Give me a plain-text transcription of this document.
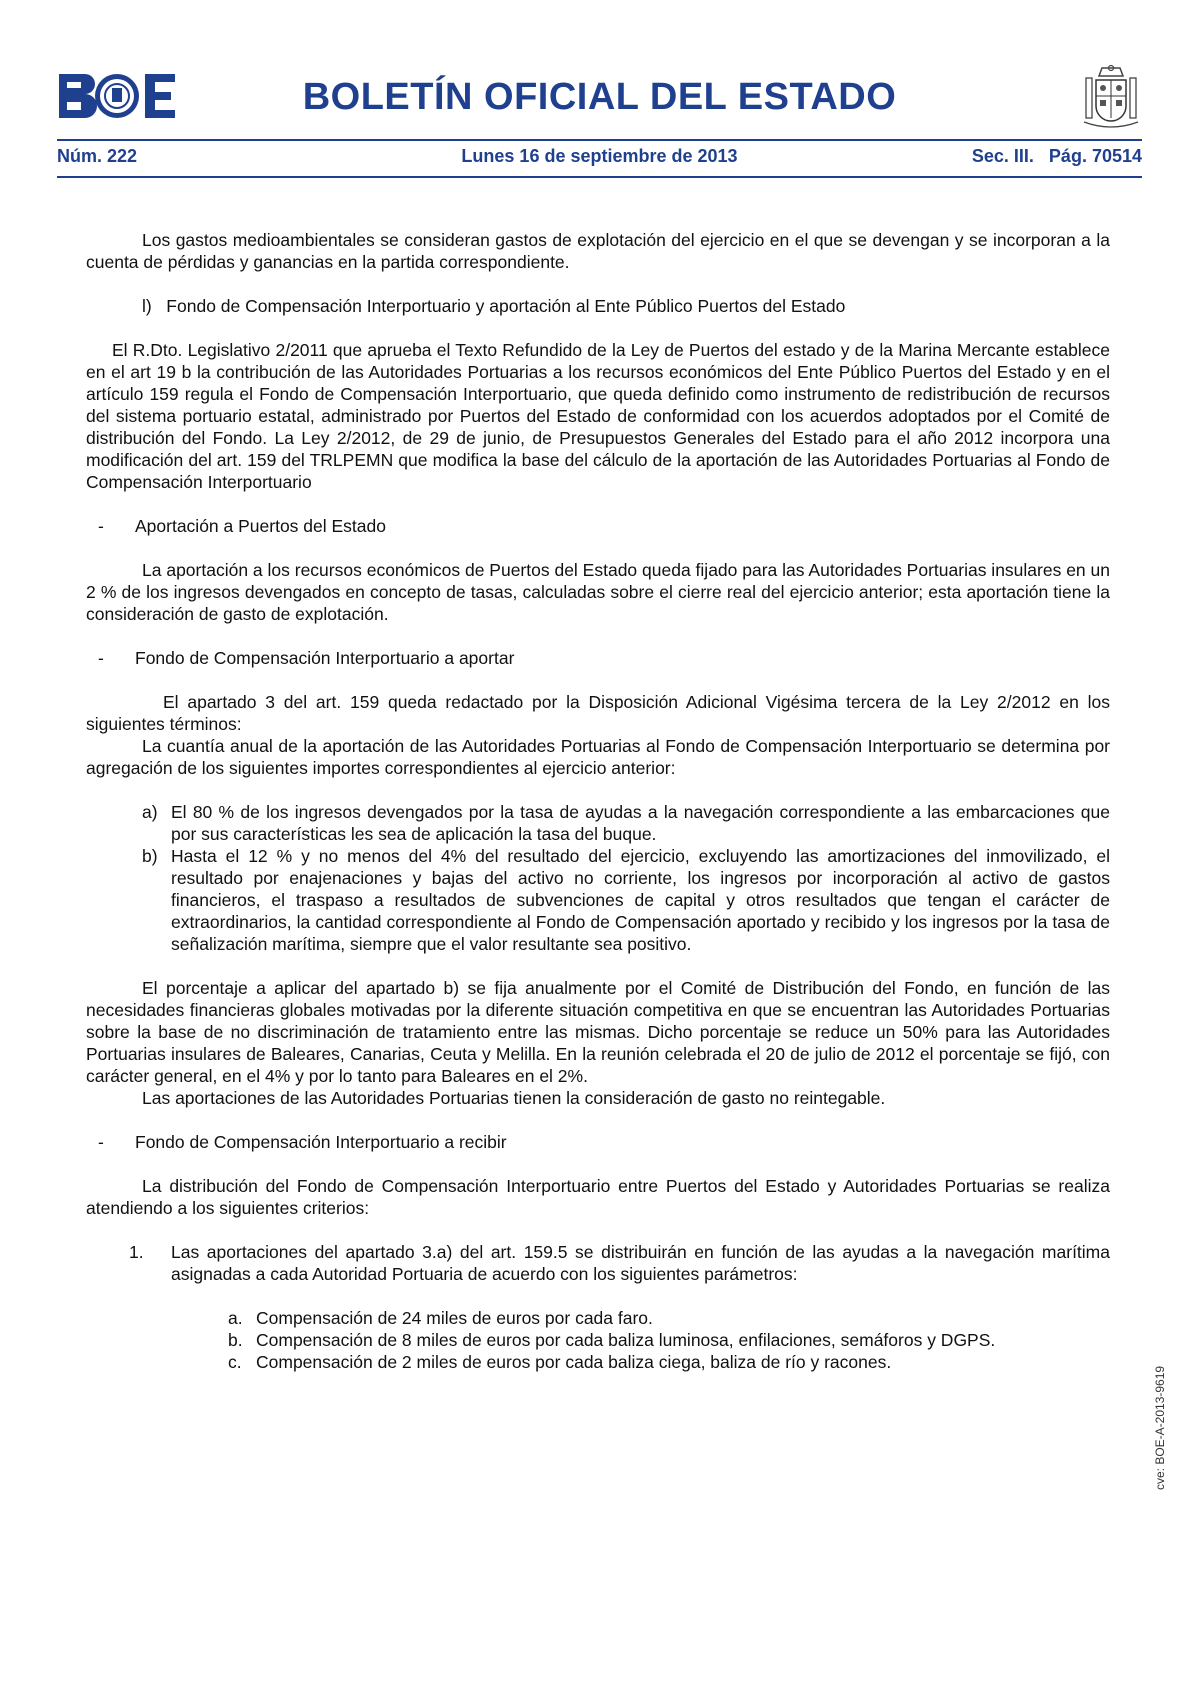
BOLETÍN OFICIAL DEL ESTADO
Núm. 222	Lunes 16 de septiembre de 2013	Sec. III.   Pág. 70514

Los gastos medioambientales se consideran gastos de explotación del ejercicio en el que se devengan y se incorporan a la cuenta de pérdidas y ganancias en la partida correspondiente.

l)   Fondo de Compensación Interportuario y aportación al Ente Público Puertos del Estado

El R.Dto. Legislativo 2/2011 que aprueba el Texto Refundido de la Ley de Puertos del estado y de la Marina Mercante establece en el art 19 b la contribución de las Autoridades Portuarias a los recursos económicos del Ente Público Puertos del Estado y en el artículo 159 regula el Fondo de Compensación Interportuario, que queda definido como instrumento de redistribución de recursos del sistema portuario estatal, administrado por Puertos del Estado de conformidad con los acuerdos adoptados por el Comité de distribución del Fondo. La Ley 2/2012, de 29 de junio, de Presupuestos Generales del Estado para el año 2012 incorpora una modificación del art. 159 del TRLPEMN que modifica la base del cálculo de la aportación de las Autoridades Portuarias al Fondo de Compensación Interportuario

- Aportación a Puertos del Estado

La aportación a los recursos económicos de Puertos del Estado queda fijado para las Autoridades Portuarias insulares en un 2 % de los ingresos devengados en concepto de tasas, calculadas sobre el cierre real del ejercicio anterior; esta aportación tiene la consideración de gasto de explotación.

- Fondo de Compensación Interportuario a aportar

El apartado 3 del art. 159 queda redactado por la Disposición Adicional Vigésima tercera de la Ley 2/2012 en los siguientes términos:

La cuantía anual de la aportación de las Autoridades Portuarias al Fondo de Compensación Interportuario se determina por agregación de los siguientes importes correspondientes al ejercicio anterior:

a) El 80 % de los ingresos devengados por la tasa de ayudas a la navegación correspondiente a las embarcaciones que por sus características les sea de aplicación la tasa del buque.

b) Hasta el 12 % y no menos del 4% del resultado del ejercicio, excluyendo las amortizaciones del inmovilizado, el resultado por enajenaciones y bajas del activo no corriente, los ingresos por incorporación al activo de gastos financieros, el traspaso a resultados de subvenciones de capital y otros resultados que tengan el carácter de extraordinarios, la cantidad correspondiente al Fondo de Compensación aportado y recibido y los ingresos por la tasa de señalización marítima, siempre que el valor resultante sea positivo.

El porcentaje a aplicar del apartado b) se fija anualmente por el Comité de Distribución del Fondo, en función de las necesidades financieras globales motivadas por la diferente situación competitiva en que se encuentran las Autoridades Portuarias sobre la base de no discriminación de tratamiento entre las mismas. Dicho porcentaje se reduce un 50% para las Autoridades Portuarias insulares de Baleares, Canarias, Ceuta y Melilla. En la reunión celebrada el 20 de julio de 2012 el porcentaje se fijó, con carácter general, en el 4% y por lo tanto para Baleares en el 2%.

Las aportaciones de las Autoridades Portuarias tienen la consideración de gasto no reintegable.

- Fondo de Compensación Interportuario a recibir

La distribución del Fondo de Compensación Interportuario entre Puertos del Estado y Autoridades Portuarias se realiza atendiendo a los siguientes criterios:

1. Las aportaciones del apartado 3.a) del art. 159.5 se distribuirán en función de las ayudas a la navegación marítima asignadas a cada Autoridad Portuaria de acuerdo con los siguientes parámetros:

a. Compensación de 24 miles de euros por cada faro.

b. Compensación de 8 miles de euros por cada baliza luminosa, enfilaciones, semáforos y DGPS.

c. Compensación de 2 miles de euros por cada baliza ciega, baliza de río y racones.

cve: BOE-A-2013-9619
